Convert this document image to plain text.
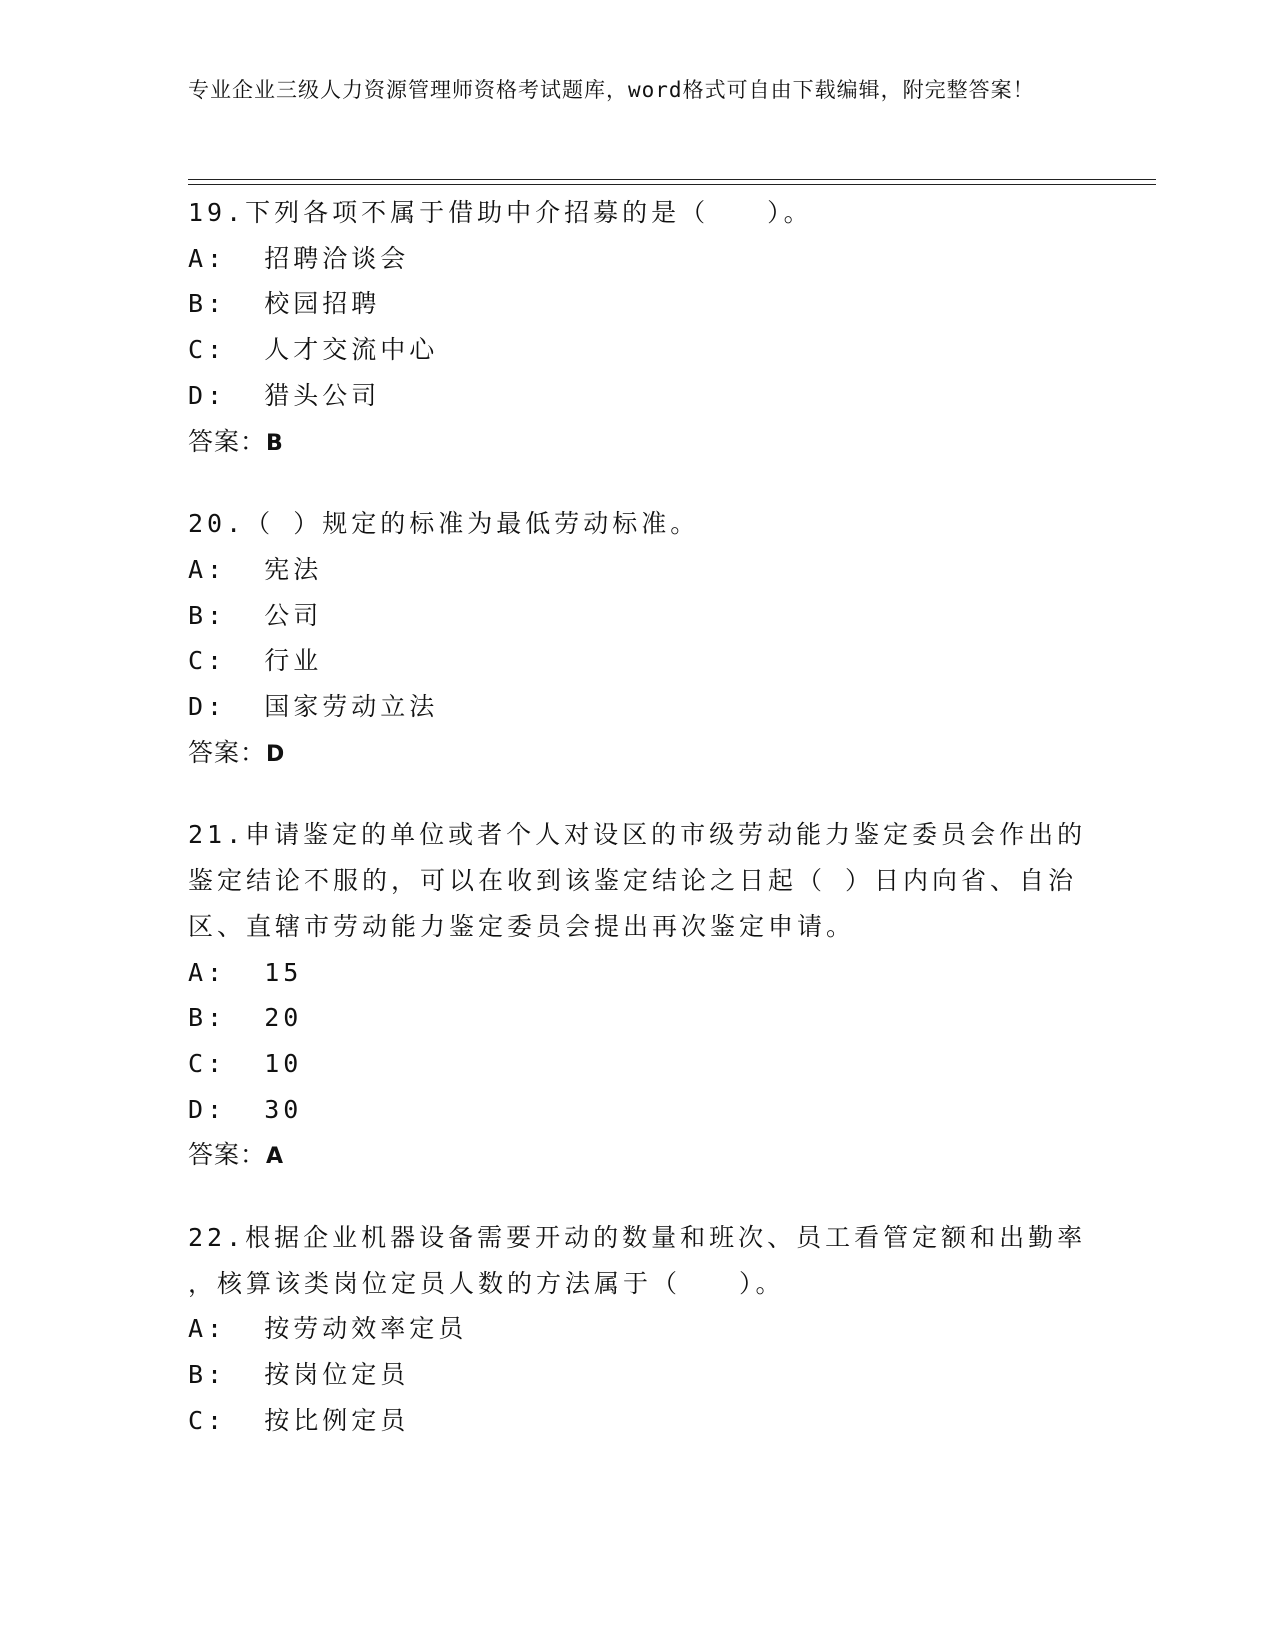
专业企业三级人力资源管理师资格考试题库，word格式可自由下载编辑，附完整答案！
19.下列各项不属于借助中介招募的是（　　）。
A:  招聘洽谈会
B:  校园招聘
C:  人才交流中心
D:  猎头公司
答案：B
20.（ ）规定的标准为最低劳动标准。
A:  宪法
B:  公司
C:  行业
D:  国家劳动立法
答案：D
21.申请鉴定的单位或者个人对设区的市级劳动能力鉴定委员会作出的
鉴定结论不服的，可以在收到该鉴定结论之日起（ ）日内向省、自治
区、直辖市劳动能力鉴定委员会提出再次鉴定申请。
A:  15
B:  20
C:  10
D:  30
答案：A
22.根据企业机器设备需要开动的数量和班次、员工看管定额和出勤率
，核算该类岗位定员人数的方法属于（　　）。
A:  按劳动效率定员
B:  按岗位定员
C:  按比例定员
